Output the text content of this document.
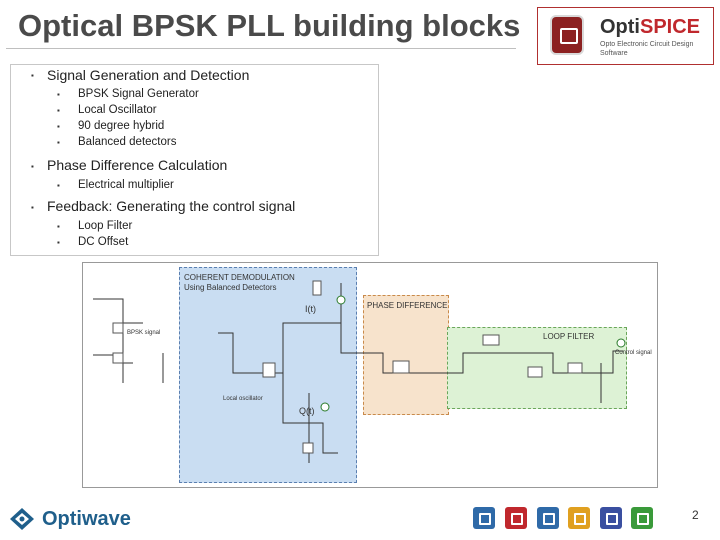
Optical BPSK PLL building blocks	OptiSPICE
Opto Electronic Circuit Design Software
▪ Signal Generation and Detection
▪ BPSK Signal Generator
▪ Local Oscillator
▪ 90 degree hybrid
▪ Balanced detectors
▪ Phase Difference Calculation
▪ Electrical multiplier
▪ Feedback: Generating the control signal
▪ Loop Filter
▪ DC Offset
COHERENT DEMODULATION
Using Balanced Detectors
PHASE DIFFERENCE
LOOP FILTER
I(t)
Q(t)
BPSK signal
Control signal
Local oscillator
Optiwave	2
